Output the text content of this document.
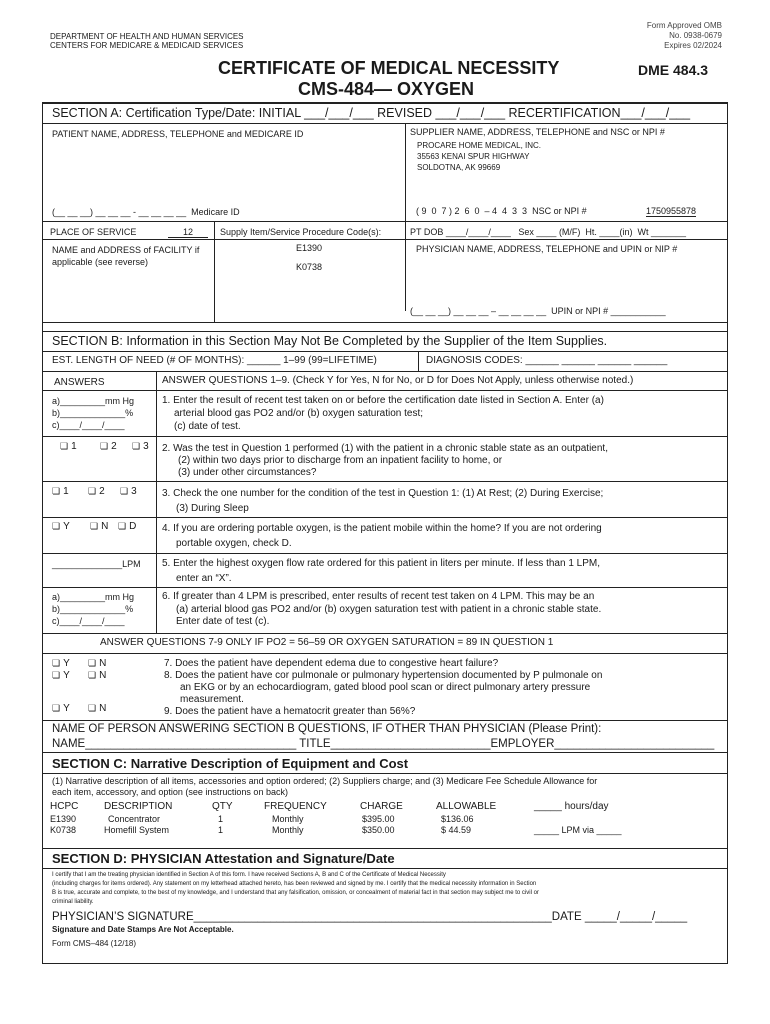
DEPARTMENT OF HEALTH AND HUMAN SERVICES
CENTERS FOR MEDICARE & MEDICAID SERVICES
Form Approved OMB
No. 0938-0679
Expires 02/2024
CERTIFICATE OF MEDICAL NECESSITY
CMS-484— OXYGEN
DME 484.3
SECTION A: Certification Type/Date: INITIAL ___/___/___ REVISED ___/___/___ RECERTIFICATION___/___/___
PATIENT NAME, ADDRESS, TELEPHONE and MEDICARE ID	SUPPLIER NAME, ADDRESS, TELEPHONE and NSC or NPI #
PROCARE HOME MEDICAL, INC.
35563 KENAI SPUR HIGHWAY
SOLDOTNA, AK 99669
(__ __ __) __ __ __ - __ __ __ __  Medicare ID	( 9  0  7 ) 2  6  0  – 4  4  3  3  NSC or NPI #	1750955878
PLACE OF SERVICE	12	Supply Item/Service Procedure Code(s):	PT DOB ____/____/____   Sex ____ (M/F)  Ht. ____(in)  Wt _______
NAME and ADDRESS of FACILITY if applicable (see reverse)
E1390
K0738
PHYSICIAN NAME, ADDRESS, TELEPHONE and UPIN or NIP #
(__ __ __) __ __ __ – __ __ __ __  UPIN or NPI # ___________
SECTION B: Information in this Section May Not Be Completed by the Supplier of the Item Supplies.
EST. LENGTH OF NEED (# OF MONTHS): ______ 1–99 (99=LIFETIME)	DIAGNOSIS CODES: ______ ______ ______ ______
ANSWERS	ANSWER QUESTIONS 1–9. (Check Y for Yes, N for No, or D for Does Not Apply, unless otherwise noted.)
a)_________mm Hg
b)_____________%
c)____/____/____
1. Enter the result of recent test taken on or before the certification date listed in Section A. Enter (a)
arterial blood gas PO2 and/or (b) oxygen saturation test;
(c) date of test.
❏ 1 ❏	2 ❏	3 2. Was the test in Question 1 performed (1) with the patient in a chronic stable state as an outpatient,
(2) within two days prior to discharge from an inpatient facility to home, or
(3) under other circumstances?
❏ 1 ❏	2 ❏	3	3. Check the one number for the condition of the test in Question 1: (1) At Rest; (2) During Exercise;
(3) During Sleep
❏ Y ❏	N ❏	D	4. If you are ordering portable oxygen, is the patient mobile within the home? If you are not ordering
portable oxygen, check D.
______________LPM 5. Enter the highest oxygen flow rate ordered for this patient in liters per minute. If less than 1 LPM,
enter an “X”.
a)_________mm Hg
b)_____________%
c)____/____/____
6. If greater than 4 LPM is prescribed, enter results of recent test taken on 4 LPM. This may be an
(a) arterial blood gas PO2 and/or (b) oxygen saturation test with patient in a chronic stable state.
Enter date of test (c).
ANSWER QUESTIONS 7-9 ONLY IF PO2 = 56–59 OR OXYGEN SATURATION = 89 IN QUESTION 1
❏ Y ❏	N	7. Does the patient have dependent edema due to congestive heart failure?
❏ Y ❏	N	8. Does the patient have cor pulmonale or pulmonary hypertension documented by P pulmonale on
an EKG or by an echocardiogram, gated blood pool scan or direct pulmonary artery pressure
measurement.
❏ Y ❏	N	9. Does the patient have a hematocrit greater than 56%?
NAME OF PERSON ANSWERING SECTION B QUESTIONS, IF OTHER THAN PHYSICIAN (Please Print):
NAME_________________________________ TITLE_________________________EMPLOYER_________________________
SECTION C: Narrative Description of Equipment and Cost
(1) Narrative description of all items, accessories and option ordered; (2) Suppliers charge; and (3) Medicare Fee Schedule Allowance for
each item, accessory, and option (see instructions on back)
HCPC	DESCRIPTION	QTY	FREQUENCY	CHARGE	ALLOWABLE	_____ hours/day
E1390	Concentrator	1	Monthly	$395.00	$136.06
K0738	Homefill System	1	Monthly	$350.00	$ 44.59	_____ LPM via _____
SECTION D: PHYSICIAN Attestation and Signature/Date
I certify that I am the treating physician identified in Section A of this form. I have received Sections A, B and C of the Certificate of Medical Necessity
(including charges for items ordered). Any statement on my letterhead attached hereto, has been reviewed and signed by me. I certify that the medical necessity information in Section
B is true, accurate and complete, to the best of my knowledge, and I understand that any falsification, omission, or concealment of material fact in that section may subject me to civil or
criminal liability.
PHYSICIAN’S SIGNATURE________________________________________________________DATE _____/_____/_____
Signature and Date Stamps Are Not Acceptable.
Form CMS–484 (12/18)
